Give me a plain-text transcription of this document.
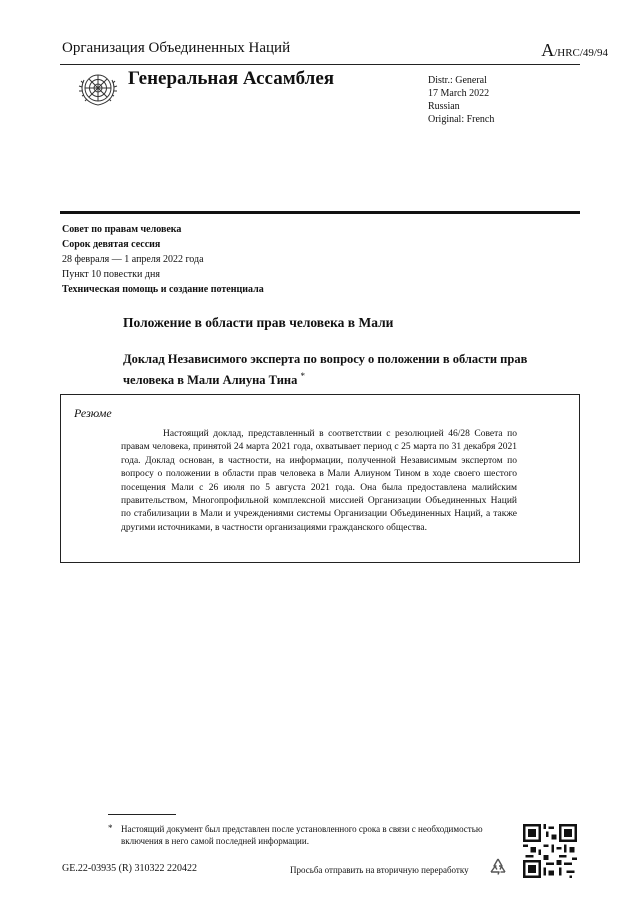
Организация Объединенных Наций	A/HRC/49/94
Генеральная Ассамблея	Distr.: General
17 March 2022
Russian
Original: French
Совет по правам человека
Сорок девятая сессия
28 февраля — 1 апреля 2022 года
Пункт 10 повестки дня
Техническая помощь и создание потенциала
Положение в области прав человека в Мали
Доклад Независимого эксперта по вопросу о положении в области прав человека в Мали Алиуна Тина *
Резюме
Настоящий доклад, представленный в соответствии с резолюцией 46/28 Совета по правам человека, принятой 24 марта 2021 года, охватывает период с 25 марта по 31 декабря 2021 года. Доклад основан, в частности, на информации, полученной Независимым экспертом по вопросу о положении в области прав человека в Мали Алиуном Тином в ходе своего шестого посещения Мали с 26 июля по 5 августа 2021 года. Она была предоставлена малийским правительством, Многопрофильной комплексной миссией Организации Объединенных Наций по стабилизации в Мали и учреждениями системы Организации Объединенных Наций, а также другими источниками, в частности организациями гражданского общества.
* Настоящий документ был представлен после установленного срока в связи с необходимостью включения в него самой последней информации.
GE.22-03935 (R) 310322 220422	Просьба отправить на вторичную переработку
